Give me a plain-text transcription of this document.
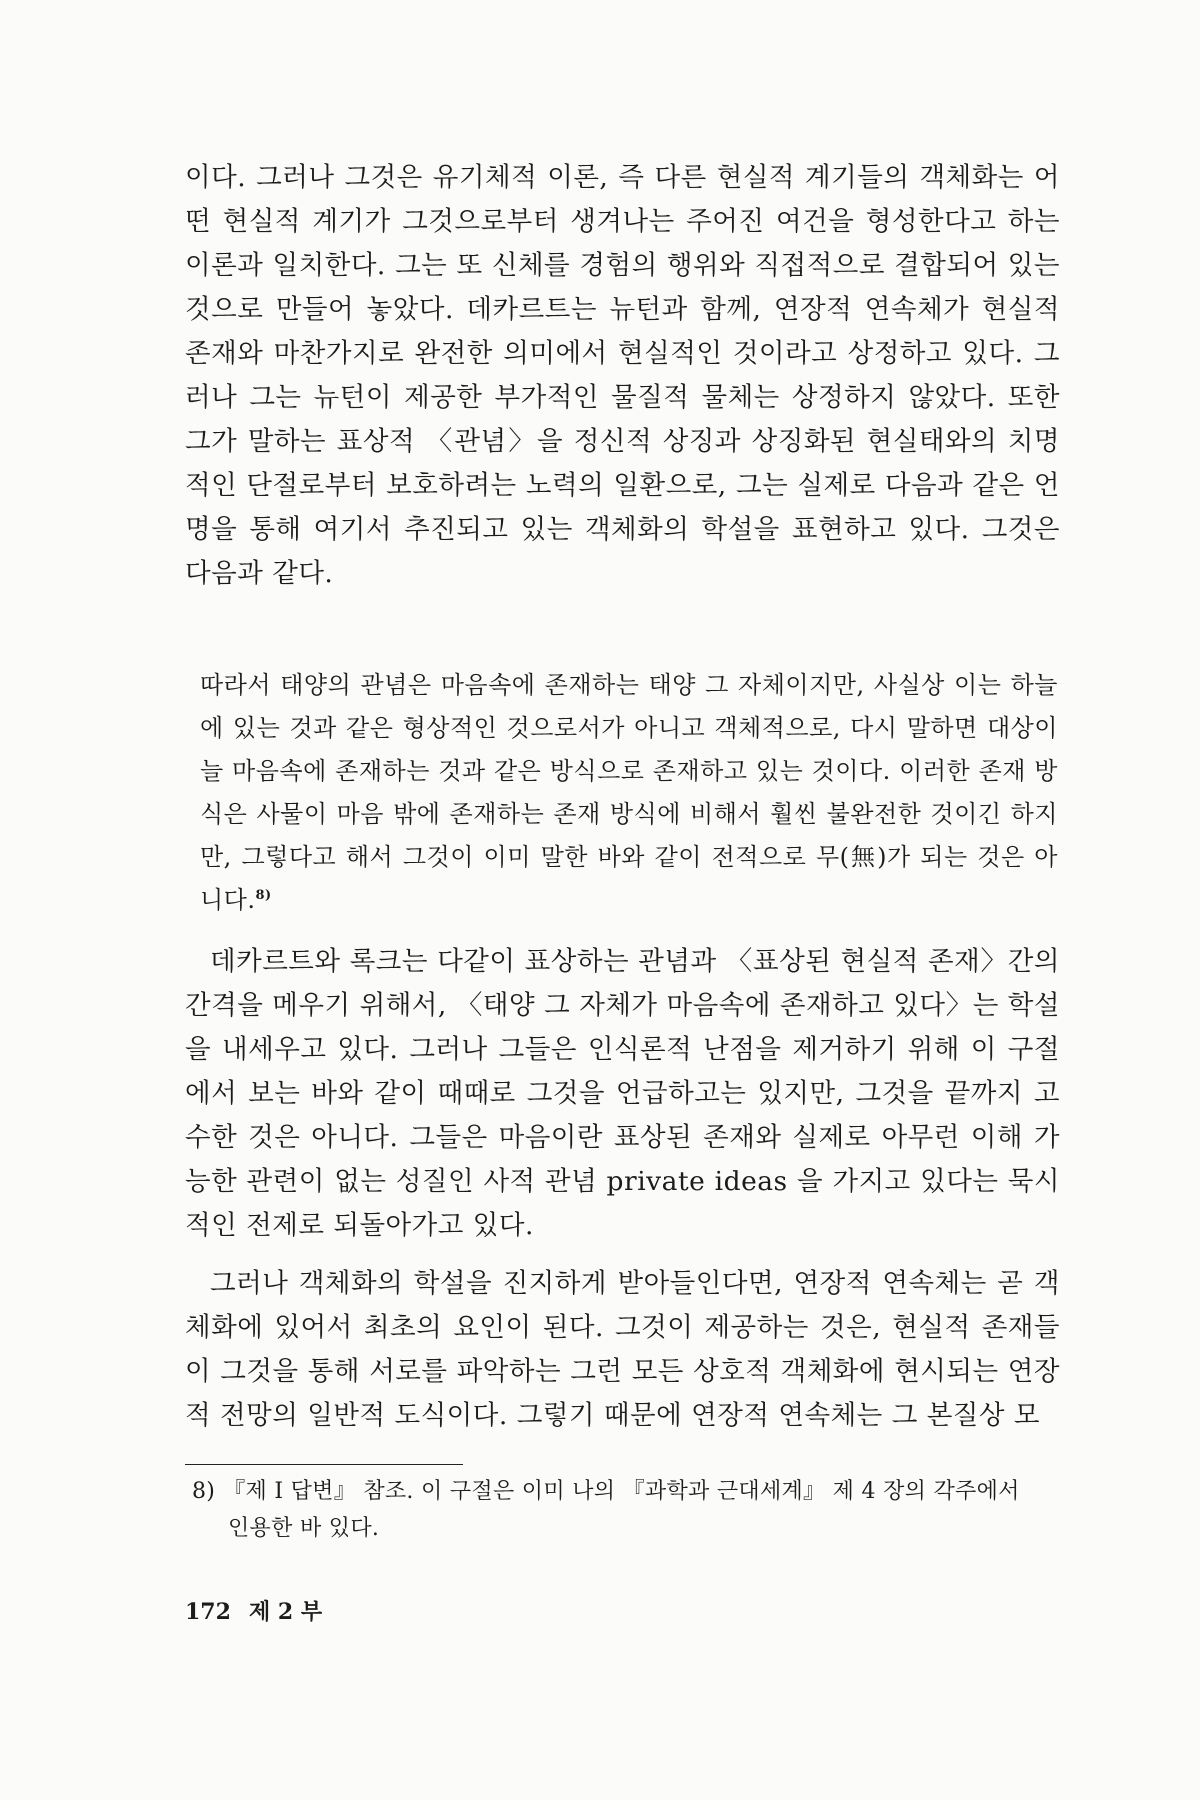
이다. 그러나 그것은 유기체적 이론, 즉 다른 현실적 계기들의 객체화는 어떤 현실적 계기가 그것으로부터 생겨나는 주어진 여건을 형성한다고 하는 이론과 일치한다. 그는 또 신체를 경험의 행위와 직접적으로 결합되어 있는 것으로 만들어 놓았다. 데카르트는 뉴턴과 함께, 연장적 연속체가 현실적 존재와 마찬가지로 완전한 의미에서 현실적인 것이라고 상정하고 있다. 그러나 그는 뉴턴이 제공한 부가적인 물질적 물체는 상정하지 않았다. 또한 그가 말하는 표상적 〈관념〉을 정신적 상징과 상징화된 현실태와의 치명적인 단절로부터 보호하려는 노력의 일환으로, 그는 실제로 다음과 같은 언명을 통해 여기서 추진되고 있는 객체화의 학설을 표현하고 있다. 그것은 다음과 같다.

따라서 태양의 관념은 마음속에 존재하는 태양 그 자체이지만, 사실상 이는 하늘에 있는 것과 같은 형상적인 것으로서가 아니고 객체적으로, 다시 말하면 대상이 늘 마음속에 존재하는 것과 같은 방식으로 존재하고 있는 것이다. 이러한 존재 방식은 사물이 마음 밖에 존재하는 존재 방식에 비해서 훨씬 불완전한 것이긴 하지만, 그렇다고 해서 그것이 이미 말한 바와 같이 전적으로 무(無)가 되는 것은 아니다.$^{8)}$

데카르트와 록크는 다같이 표상하는 관념과 〈표상된 현실적 존재〉간의 간격을 메우기 위해서, 〈태양 그 자체가 마음속에 존재하고 있다〉는 학설을 내세우고 있다. 그러나 그들은 인식론적 난점을 제거하기 위해 이 구절에서 보는 바와 같이 때때로 그것을 언급하고는 있지만, 그것을 끝까지 고수한 것은 아니다. 그들은 마음이란 표상된 존재와 실제로 아무런 이해 가능한 관련이 없는 성질인 사적 관념 private ideas 을 가지고 있다는 묵시적인 전제로 되돌아가고 있다.

그러나 객체화의 학설을 진지하게 받아들인다면, 연장적 연속체는 곧 객체화에 있어서 최초의 요인이 된다. 그것이 제공하는 것은, 현실적 존재들이 그것을 통해 서로를 파악하는 그런 모든 상호적 객체화에 현시되는 연장적 전망의 일반적 도식이다. 그렇기 때문에 연장적 연속체는 그 본질상 모

8) 『제 I 답변』 참조. 이 구절은 이미 나의 『과학과 근대세계』 제 4 장의 각주에서
인용한 바 있다.

172 제 2 부
